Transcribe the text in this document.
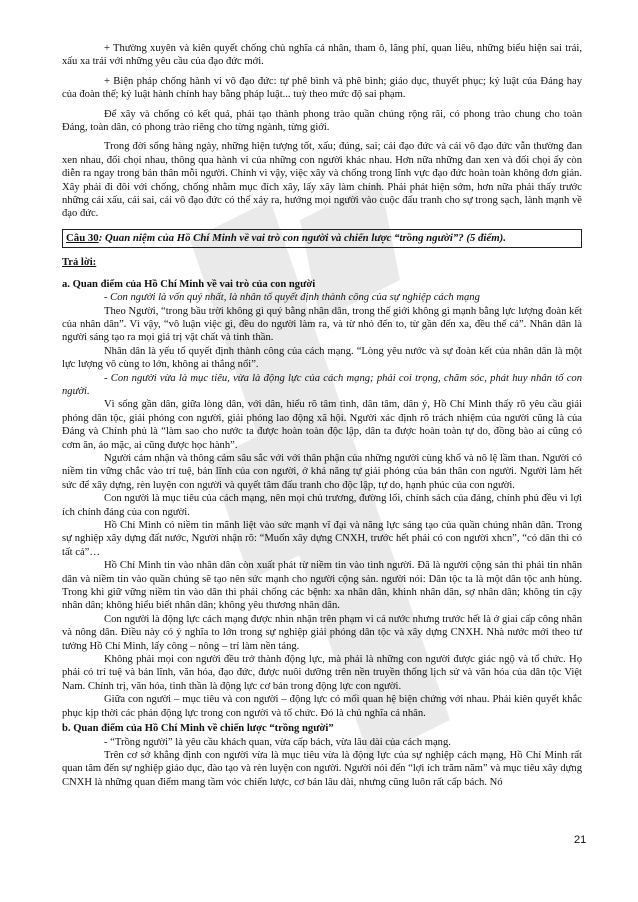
+ Thường xuyên và kiên quyết chống chủ nghĩa cá nhân, tham ô, lãng phí, quan liêu, những biểu hiện sai trái, xấu xa trái với những yêu cầu của đạo đức mới.

+ Biện pháp chống hành vi vô đạo đức: tự phê bình và phê bình; giáo dục, thuyết phục; kỷ luật của Đảng hay của đoàn thể; kỷ luật hành chính hay bằng pháp luật... tuỳ theo mức độ sai phạm.

Để xây và chống có kết quả, phải tạo thành phong trào quần chúng rộng rãi, có phong trào chung cho toàn Đảng, toàn dân, có phong trào riêng cho từng ngành, từng giới.

Trong đời sống hàng ngày, những hiện tượng tốt, xấu; đúng, sai; cái đạo đức và cái vô đạo đức vẫn thường đan xen nhau, đối chọi nhau, thông qua hành vi của những con người khác nhau. Hơn nữa những đan xen và đối chọi ấy còn diễn ra ngay trong bản thân mỗi người. Chính vì vậy, việc xây và chống trong lĩnh vực đạo đức hoàn toàn không đơn giản. Xây phải đi đôi với chống, chống nhằm mục đích xây, lấy xây làm chính. Phải phát hiện sớm, hơn nữa phải thấy trước những cái xấu, cái sai, cái vô đạo đức có thể xảy ra, hướng mọi người vào cuộc đấu tranh cho sự trong sạch, lành mạnh về đạo đức.

Câu 30: Quan niệm của Hồ Chí Minh về vai trò con người và chiến lược “trồng người”? (5 điểm).
Trả lời:
a. Quan điểm của Hồ Chí Minh về vai trò của con người

- Con người là vốn quý nhất, là nhân tố quyết định thành công của sự nghiệp cách mạng

Theo Người, “trong bầu trời không gì quý bằng nhân dân, trong thế giới không gì mạnh bằng lực lượng đoàn kết của nhân dân”. Vì vậy, “vô luận việc gì, đều do người làm ra, và từ nhỏ đến to, từ gần đến xa, đều thế cả”. Nhân dân là người sáng tạo ra mọi giá trị vật chất và tinh thần.

Nhân dân là yếu tố quyết định thành công của cách mạng. “Lòng yêu nước và sự đoàn kết của nhân dân là một lực lượng vô cùng to lớn, không ai thắng nổi”.

- Con người vừa là mục tiêu, vừa là động lực của cách mạng; phải coi trọng, chăm sóc, phát huy nhân tố con người.

Vì sống gần dân, giữa lòng dân, với dân, hiểu rõ tâm tình, dân tâm, dân ý, Hồ Chí Minh thấy rõ yêu cầu giải phóng dân tộc, giải phóng con người, giải phóng lao động xã hội. Người xác định rõ trách nhiệm của người cũng là của Đảng và Chính phủ là “làm sao cho nước ta được hoàn toàn độc lập, dân ta được hoàn toàn tự do, đồng bào ai cũng có cơm ăn, áo mặc, ai cũng được học hành”.

Người cảm nhận và thông cảm sâu sắc với với thân phận của những người cùng khổ và nô lệ lầm than. Người có niềm tin vững chắc vào trí tuệ, bản lĩnh của con người, ở khả năng tự giải phóng của bản thân con người. Người làm hết sức để xây dựng, rèn luyện con người và quyết tâm đấu tranh cho độc lập, tự do, hạnh phúc của con người.

Con người là mục tiêu của cách mạng, nên mọi chủ trương, đường lối, chính sách của đảng, chính phủ đều vì lợi ích chính đáng của con người.

Hồ Chí Minh có niềm tin mãnh liệt vào sức mạnh vĩ đại và năng lực sáng tạo của quần chúng nhân dân. Trong sự nghiệp xây dựng đất nước, Người nhận rõ: “Muốn xây dựng CNXH, trước hết phải có con người xhcn”, “có dân thì có tất cả”…

Hồ Chí Minh tin vào nhân dân còn xuất phát từ niềm tin vào tình người. Đã là người cộng sản thì phải tin nhân dân và niềm tin vào quần chúng sẽ tạo nên sức mạnh cho người cộng sản. người nói: Dân tộc ta là một dân tộc anh hùng. Trong khi giữ vững niềm tin vào dân thì phải chống các bệnh: xa nhân dân, khinh nhân dân, sợ nhân dân; không tin cậy nhân dân; không hiểu biết nhân dân; không yêu thương nhân dân.

Con người là động lực cách mạng được nhìn nhận trên phạm vi cả nước nhưng trước hết là ở giai cấp công nhân và nông dân. Điều này có ý nghĩa to lớn trong sự nghiệp giải phóng dân tộc và xây dựng CNXH. Nhà nước mới theo tư tưởng Hồ Chí Minh, lấy công – nông – trí làm nền tảng.

Không phải mọi con người đều trở thành động lực, mà phải là những con người được giác ngộ và tổ chức. Họ phải có trí tuệ và bản lĩnh, văn hóa, đạo đức, được nuôi dưỡng trên nền truyền thống lịch sử và văn hóa của dân tộc Việt Nam. Chính trị, văn hóa, tinh thần là động lực cơ bản trong động lực con người.

Giữa con người – mục tiêu và con người – động lực có mối quan hệ biện chứng với nhau. Phải kiên quyết khắc phục kịp thời các phản động lực trong con người và tổ chức. Đó là chủ nghĩa cá nhân.

b. Quan điểm của Hồ Chí Minh về chiến lược “trồng người”

- “Trồng người” là yêu cầu khách quan, vừa cấp bách, vừa lâu dài của cách mạng.

Trên cơ sở khẳng định con người vừa là mục tiêu vừa là động lực của sự nghiệp cách mạng, Hồ Chí Minh rất quan tâm đến sự nghiệp giáo dục, đào tạo và rèn luyện con người. Người nói đến “lợi ích trăm năm” và mục tiêu xây dựng CNXH là những quan điểm mang tầm vóc chiến lược, cơ bản lâu dài, nhưng cũng luôn rất cấp bách. Nó

21
